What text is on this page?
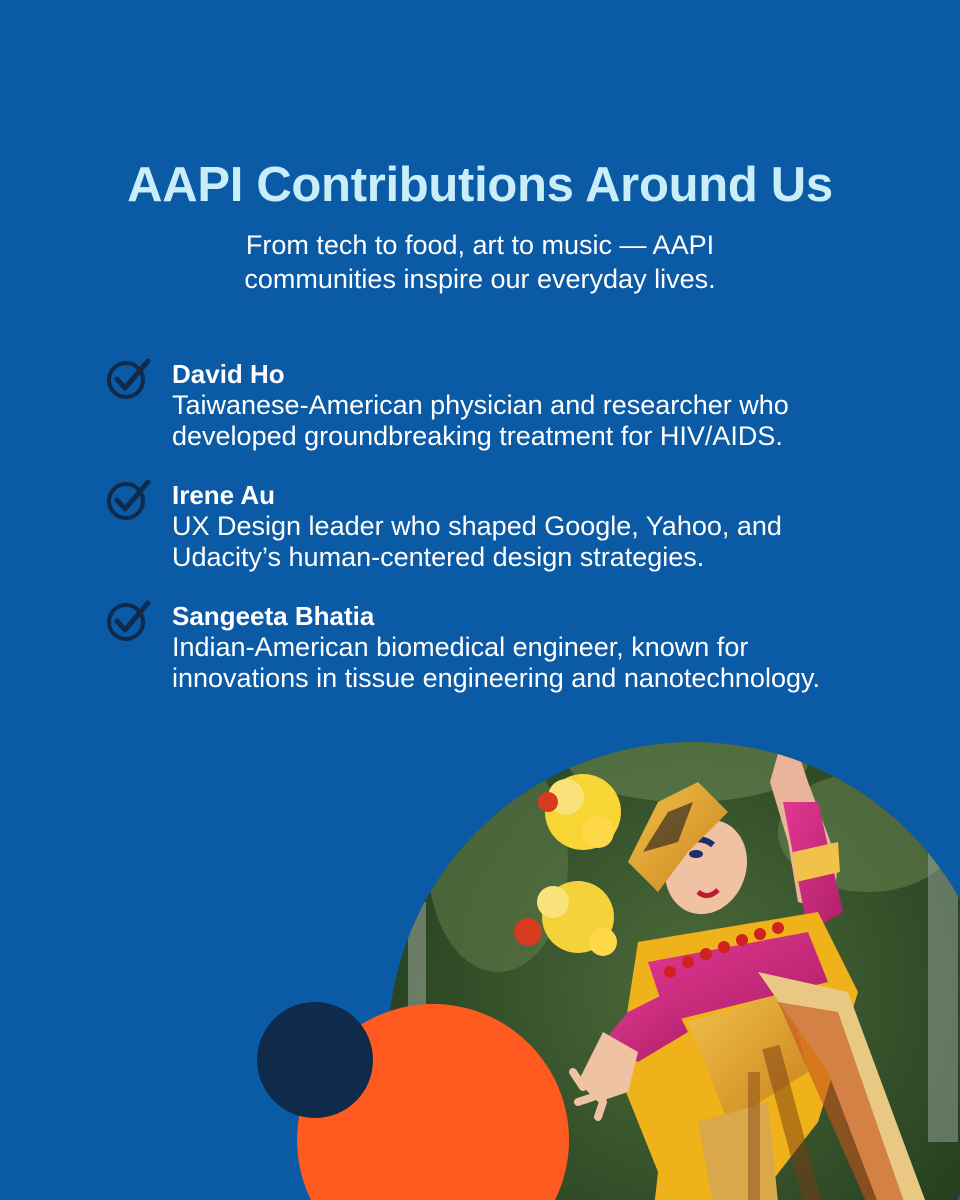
AAPI Contributions Around Us
From tech to food, art to music — AAPI communities inspire our everyday lives.
David Ho
Taiwanese-American physician and researcher who developed groundbreaking treatment for HIV/AIDS.
Irene Au
UX Design leader who shaped Google, Yahoo, and Udacity’s human-centered design strategies.
Sangeeta Bhatia
Indian-American biomedical engineer, known for innovations in tissue engineering and nanotechnology.
